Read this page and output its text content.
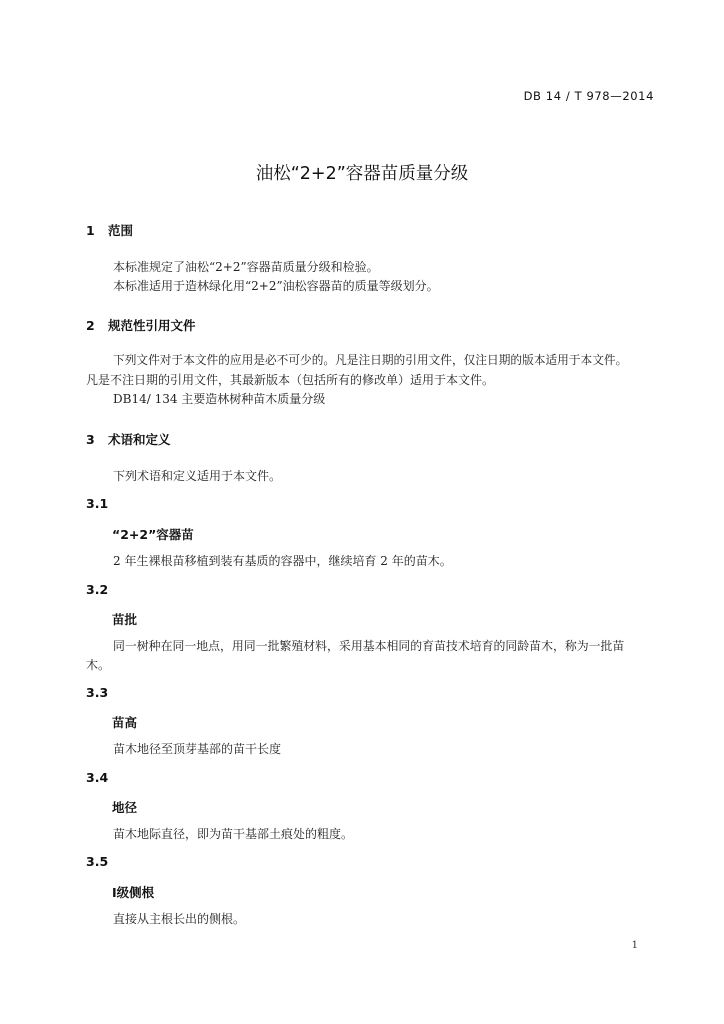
DB 14 / T 978—2014
油松“2+2”容器苗质量分级
1 范围
本标准规定了油松“2+2”容器苗质量分级和检验。
本标准适用于造林绿化用“2+2”油松容器苗的质量等级划分。
2 规范性引用文件
下列文件对于本文件的应用是必不可少的。凡是注日期的引用文件，仅注日期的版本适用于本文件。
凡是不注日期的引用文件，其最新版本（包括所有的修改单）适用于本文件。
DB14/ 134 主要造林树种苗木质量分级
3 术语和定义
下列术语和定义适用于本文件。
3.1
“2+2”容器苗
2 年生裸根苗移植到装有基质的容器中，继续培育 2 年的苗木。
3.2
苗批
同一树种在同一地点，用同一批繁殖材料，采用基本相同的育苗技术培育的同龄苗木，称为一批苗
木。
3.3
苗高
苗木地径至顶芽基部的苗干长度
3.4
地径
苗木地际直径，即为苗干基部土痕处的粗度。
3.5
Ⅰ级侧根
直接从主根长出的侧根。
1
